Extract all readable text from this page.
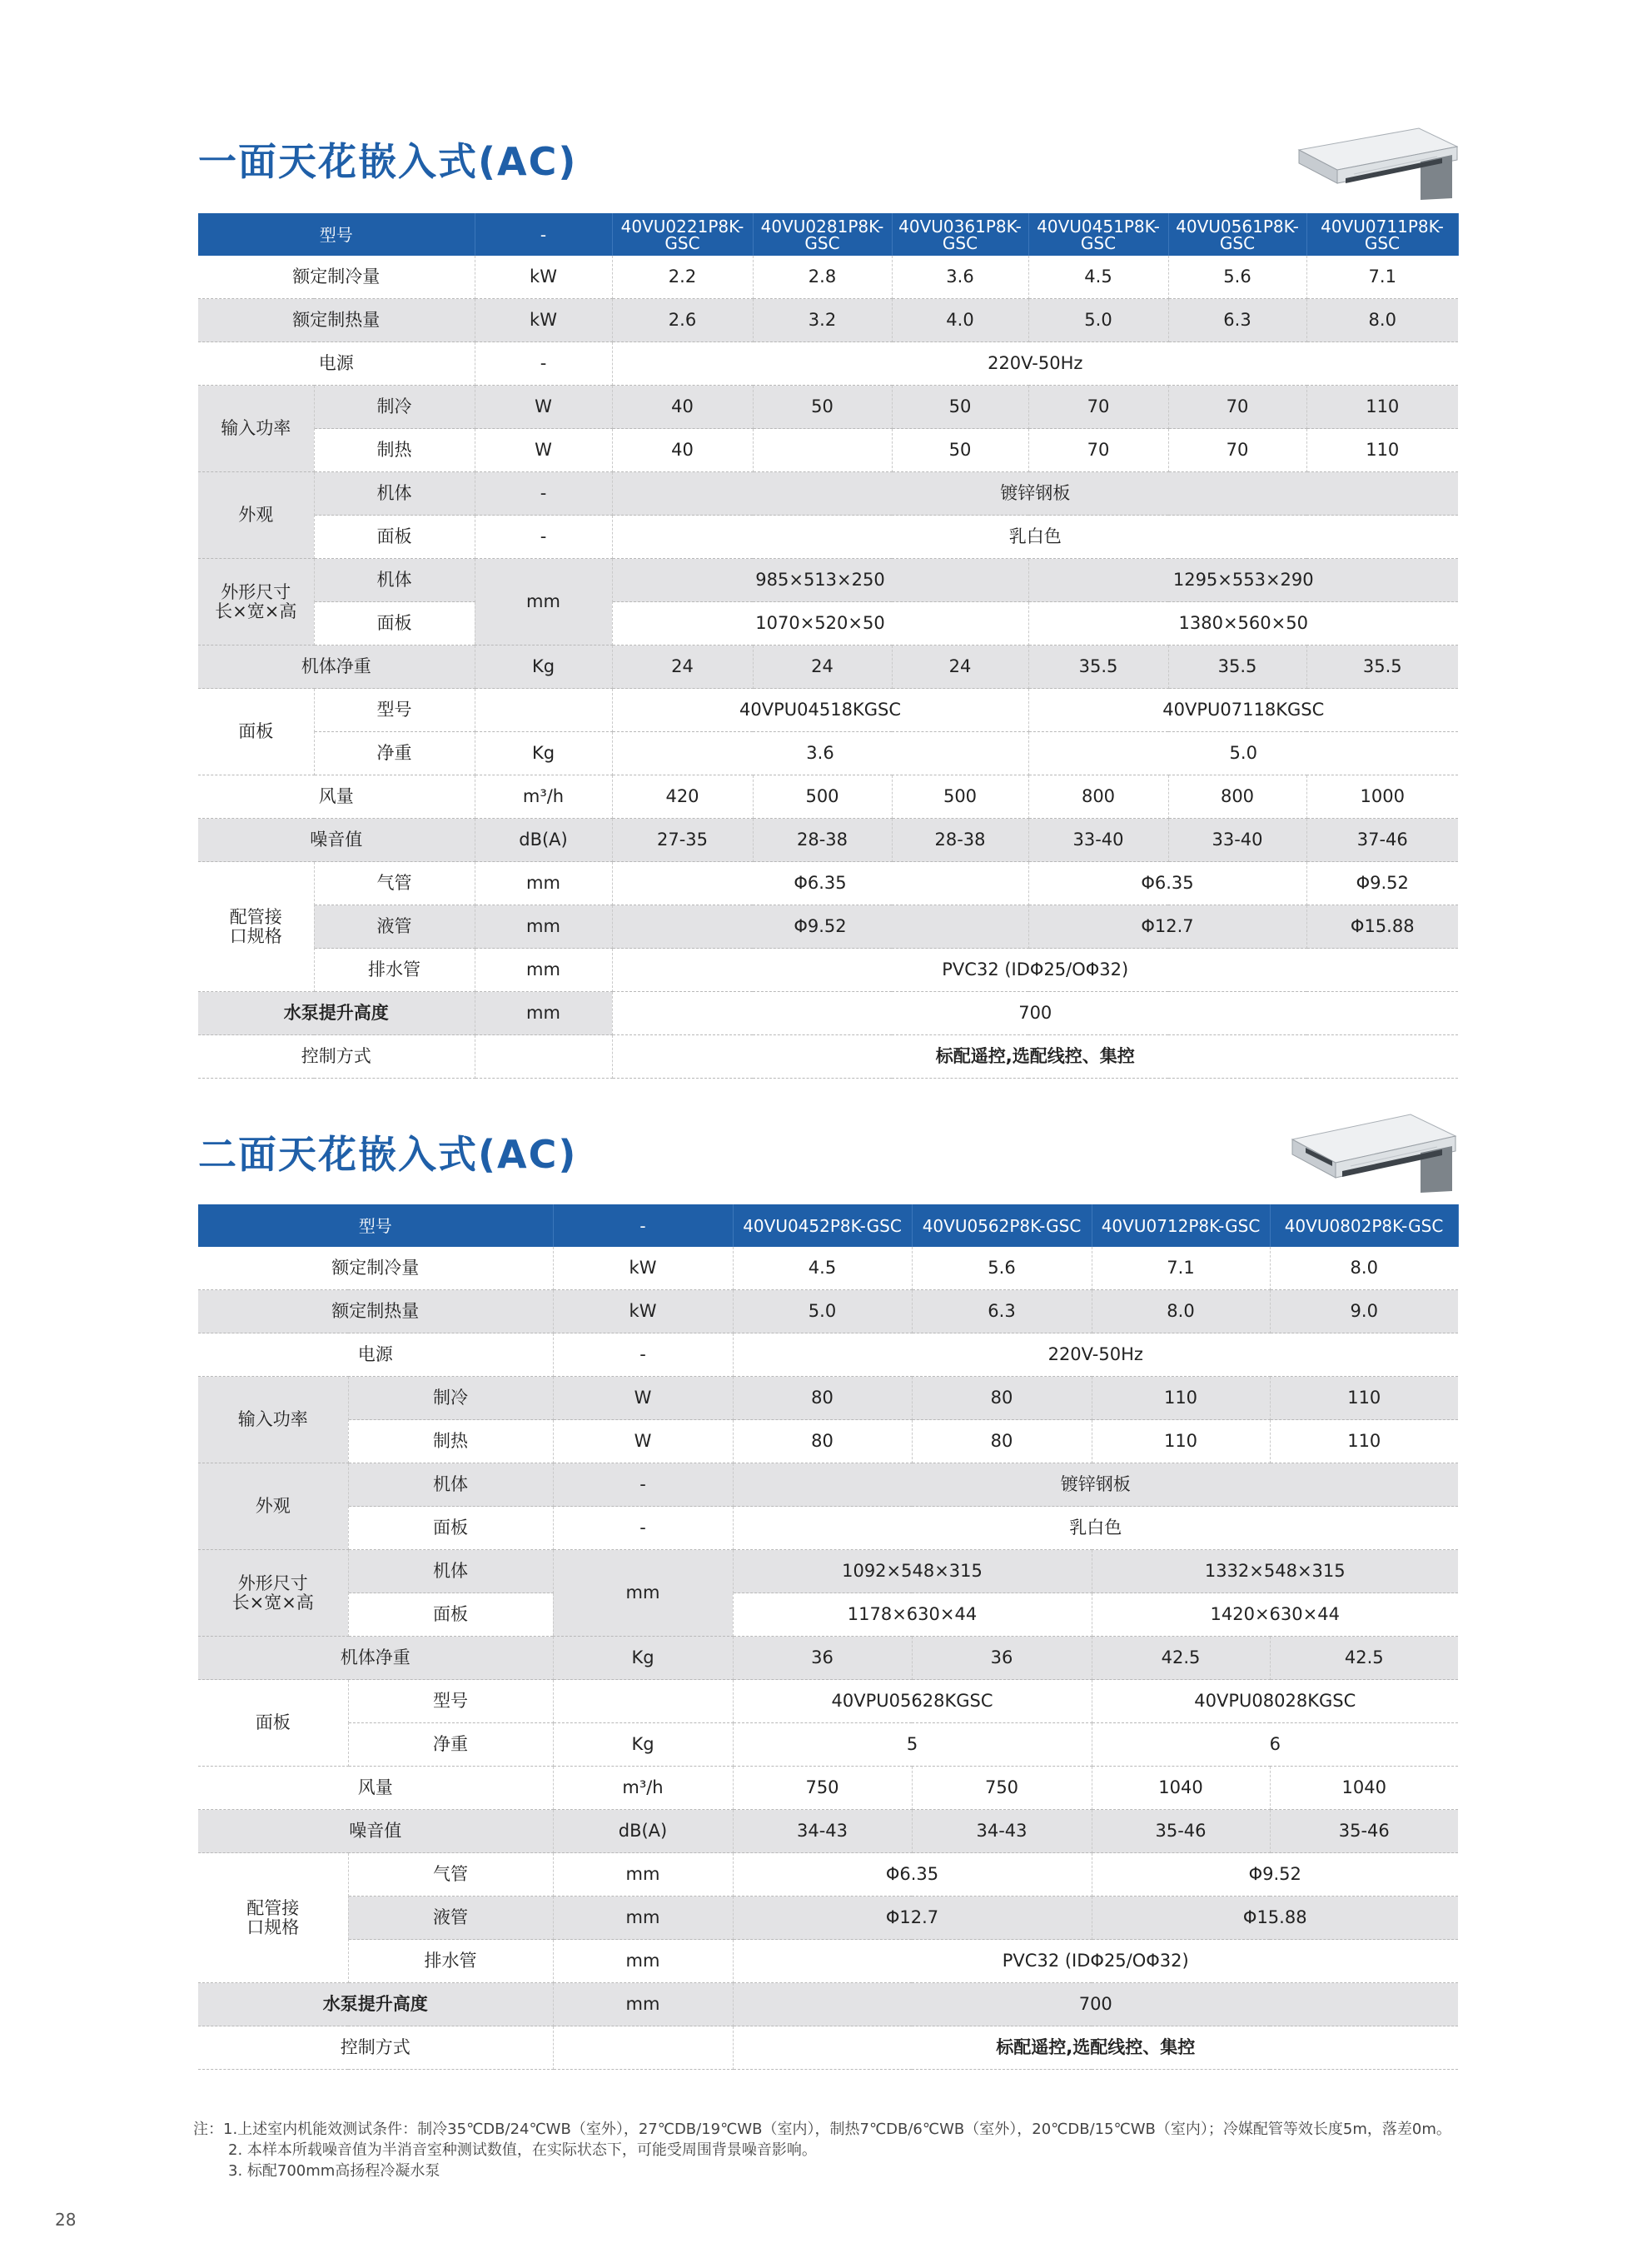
一面天花嵌入式(AC)
型号		-	40VU0221P8K-GSC	40VU0281P8K-GSC	40VU0361P8K-GSC	40VU0451P8K-GSC	40VU0561P8K-GSC	40VU0711P8K-GSC
额定制冷量		kW	2.2	2.8	3.6	4.5	5.6	7.1
额定制热量		kW	2.6	3.2	4.0	5.0	6.3	8.0
电源		-	220V-50Hz					
输入功率	制冷	W	40	50	50	70	70	110
	制热	W	40		50	70	70	110
外观	机体	-	镀锌钢板					
	面板	-	乳白色					
外形尺寸
长×宽×高	机体	mm	985×513×250			1295×553×290		
	面板		1070×520×50			1380×560×50		
机体净重		Kg	24	24	24	35.5	35.5	35.5
面板	型号		40VPU04518KGSC			40VPU07118KGSC		
	净重	Kg	3.6			5.0		
风量		m³/h	420	500	500	800	800	1000
噪音值		dB(A)	27-35	28-38	28-38	33-40	33-40	37-46
配管接
口规格	气管	mm	Φ6.35			Φ6.35		Φ9.52
	液管	mm	Φ9.52			Φ12.7		Φ15.88
	排水管	mm	PVC32 (IDΦ25/OΦ32)					
水泵提升高度		mm	700					
控制方式			标配遥控,选配线控、集控					
二面天花嵌入式(AC)
型号		-	40VU0452P8K-GSC	40VU0562P8K-GSC	40VU0712P8K-GSC	40VU0802P8K-GSC
额定制冷量		kW	4.5	5.6	7.1	8.0
额定制热量		kW	5.0	6.3	8.0	9.0
电源		-	220V-50Hz			
输入功率	制冷	W	80	80	110	110
	制热	W	80	80	110	110
外观	机体	-	镀锌钢板			
	面板	-	乳白色			
外形尺寸
长×宽×高	机体	mm	1092×548×315		1332×548×315	
	面板		1178×630×44		1420×630×44	
机体净重		Kg	36	36	42.5	42.5
面板	型号		40VPU05628KGSC		40VPU08028KGSC	
	净重	Kg	5		6	
风量		m³/h	750	750	1040	1040
噪音值		dB(A)	34-43	34-43	35-46	35-46
配管接
口规格	气管	mm	Φ6.35		Φ9.52	
	液管	mm	Φ12.7		Φ15.88	
	排水管	mm	PVC32 (IDΦ25/OΦ32)			
水泵提升高度		mm	700			
控制方式			标配遥控,选配线控、集控			
注：1.上述室内机能效测试条件：制冷35℃DB/24℃WB（室外），27℃DB/19℃WB（室内），制热7℃DB/6℃WB（室外），20℃DB/15℃WB（室内）；冷媒配管等效长度5m，落差0m。
2. 本样本所载噪音值为半消音室种测试数值，在实际状态下，可能受周围背景噪音影响。
3. 标配700mm高扬程冷凝水泵
28
